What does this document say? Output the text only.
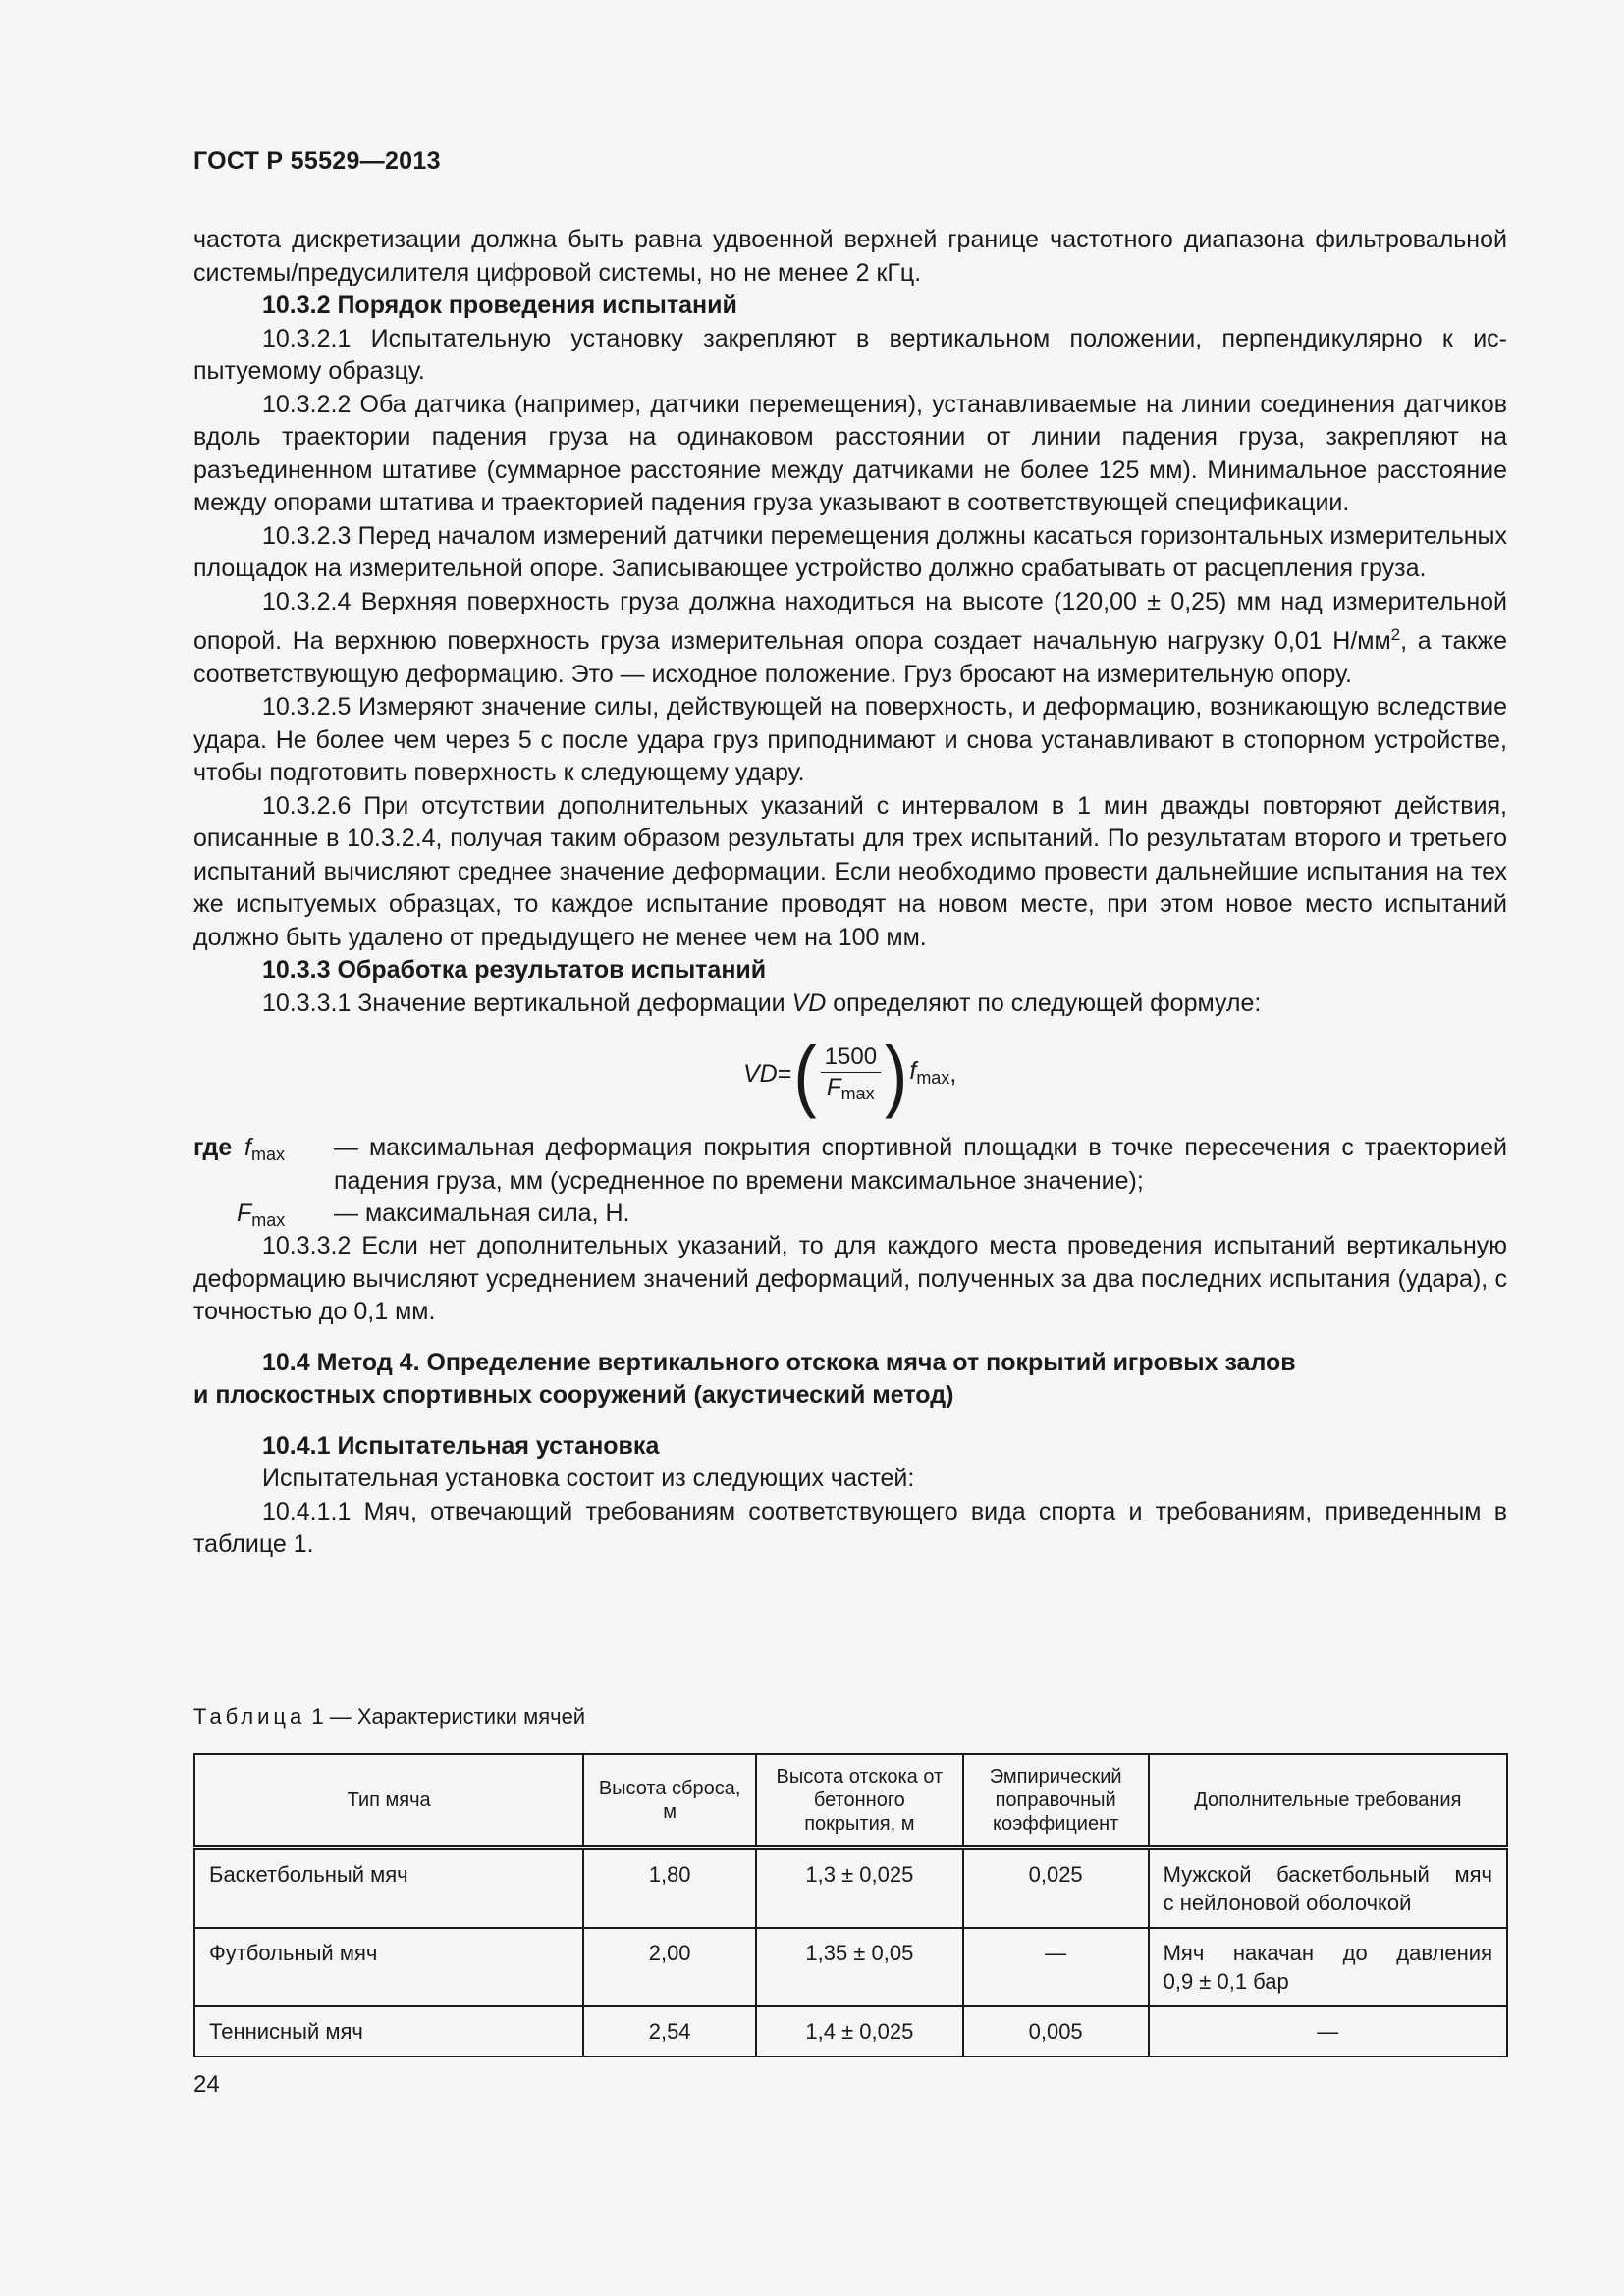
ГОСТ Р 55529—2013

частота дискретизации должна быть равна удвоенной верхней границе частотного диапазона фильтровальной системы/предусилителя цифровой системы, но не менее 2 кГц.

10.3.2 Порядок проведения испытаний

10.3.2.1 Испытательную установку закрепляют в вертикальном положении, перпендикулярно к испытуемому образцу.

10.3.2.2 Оба датчика (например, датчики перемещения), устанавливаемые на линии соединения датчиков вдоль траектории падения груза на одинаковом расстоянии от линии падения груза, закрепляют на разъединенном штативе (суммарное расстояние между датчиками не более 125 мм). Минимальное расстояние между опорами штатива и траекторией падения груза указывают в соответствующей спецификации.

10.3.2.3 Перед началом измерений датчики перемещения должны касаться горизонтальных измерительных площадок на измерительной опоре. Записывающее устройство должно срабатывать от расцепления груза.

10.3.2.4 Верхняя поверхность груза должна находиться на высоте (120,00 ± 0,25) мм над измерительной опорой. На верхнюю поверхность груза измерительная опора создает начальную нагрузку 0,01 $Н/мм^2$, а также соответствующую деформацию. Это — исходное положение. Груз бросают на измерительную опору.

10.3.2.5 Измеряют значение силы, действующей на поверхность, и деформацию, возникающую вследствие удара. Не более чем через 5 с после удара груз приподнимают и снова устанавливают в стопорном устройстве, чтобы подготовить поверхность к следующему удару.

10.3.2.6 При отсутствии дополнительных указаний с интервалом в 1 мин дважды повторяют действия, описанные в 10.3.2.4, получая таким образом результаты для трех испытаний. По результатам второго и третьего испытаний вычисляют среднее значение деформации. Если необходимо провести дальнейшие испытания на тех же испытуемых образцах, то каждое испытание проводят на новом месте, при этом новое место испытаний должно быть удалено от предыдущего не менее чем на 100 мм.

10.3.3 Обработка результатов испытаний

10.3.3.1 Значение вертикальной деформации VD определяют по следующей формуле:

VD = ( $\frac{1500}{F_{max}}$ ) $f_{max}$ ,
где $f_{max}$ — максимальная деформация покрытия спортивной площадки в точке пересечения с траекторией падения груза, мм (усредненное по времени максимальное значение);
$F_{max}$ — максимальная сила, Н.

10.3.3.2 Если нет дополнительных указаний, то для каждого места проведения испытаний вертикальную деформацию вычисляют усреднением значений деформаций, полученных за два последних испытания (удара), с точностью до 0,1 мм.

10.4 Метод 4. Определение вертикального отскока мяча от покрытий игровых залов
и плоскостных спортивных сооружений (акустический метод)

10.4.1 Испытательная установка

Испытательная установка состоит из следующих частей:

10.4.1.1 Мяч, отвечающий требованиям соответствующего вида спорта и требованиям, приведенным в таблице 1.

Таблица 1 — Характеристики мячей
Тип мяча	Высота сброса, м	Высота отскока от бетонного покрытия, м	Эмпирический поправочный коэффициент	Дополнительные требования
Баскетбольный мяч	1,80	1,3 ± 0,025	0,025	Мужской баскетбольный мяч
с нейлоновой оболочкой

Футбольный мяч	2,00	1,35 ± 0,05	—	Мяч накачан до давления
0,9 ± 0,1 бар

Теннисный мяч	2,54	1,4 ± 0,025	0,005	—
24
